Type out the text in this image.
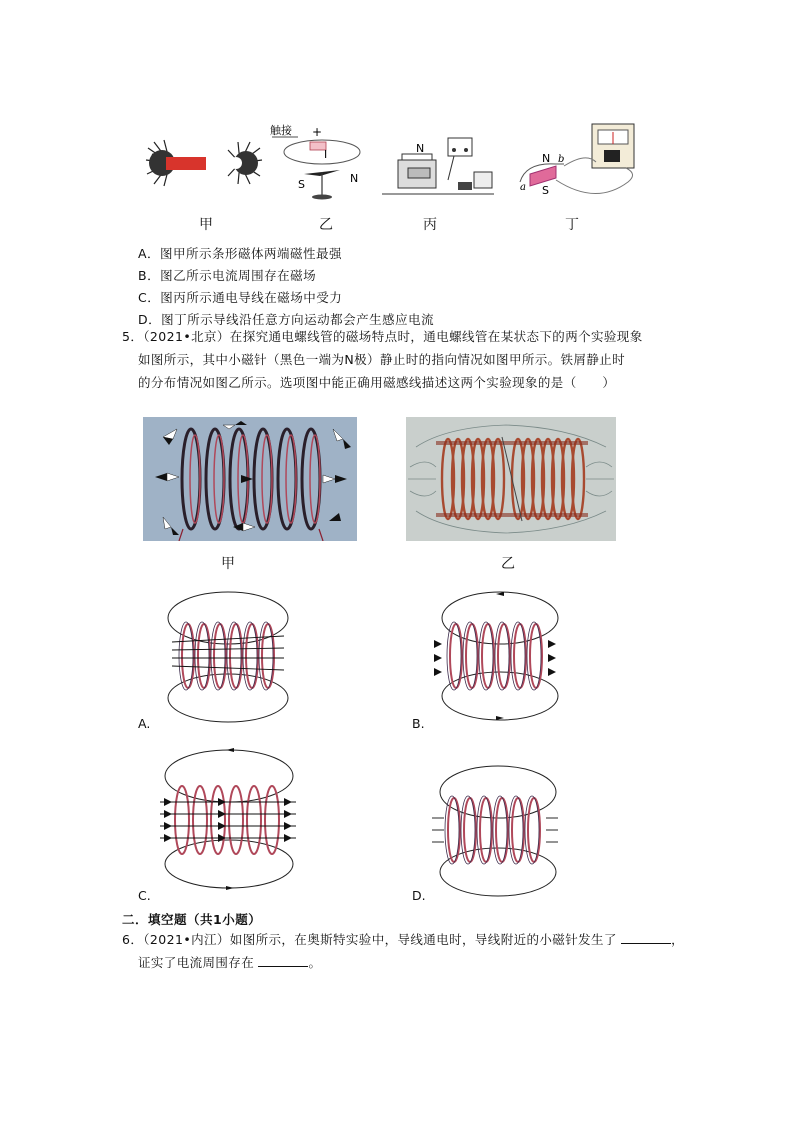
触接 +
I
S	N
N
N b
a S
甲	乙	丙	丁
A．图甲所示条形磁体两端磁性最强
B．图乙所示电流周围存在磁场
C．图丙所示通电导线在磁场中受力
D．图丁所示导线沿任意方向运动都会产生感应电流
5．（2021•北京）在探究通电螺线管的磁场特点时，通电螺线管在某状态下的两个实验现象
如图所示，其中小磁针（黑色一端为N极）静止时的指向情况如图甲所示。铁屑静止时
的分布情况如图乙所示。选项图中能正确用磁感线描述这两个实验现象的是（　　）
甲	乙
A.	B.
C.	D.
二．填空题（共1小题）
6．（2021•内江）如图所示，在奥斯特实验中，导线通电时，导线附近的小磁针发生了	，
证实了电流周围存在	。
